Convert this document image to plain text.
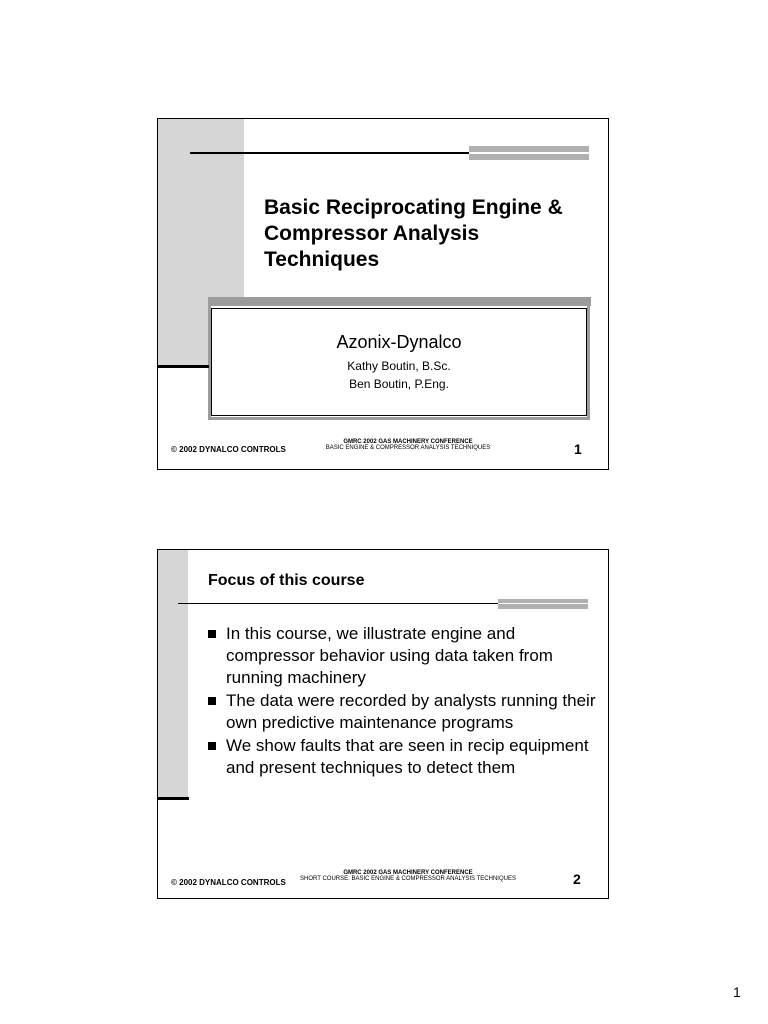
Basic Reciprocating Engine & Compressor Analysis Techniques
Azonix-Dynalco
Kathy Boutin, B.Sc.
Ben Boutin, P.Eng.
© 2002 DYNALCO CONTROLS
GMRC 2002 GAS MACHINERY CONFERENCE
BASIC ENGINE & COMPRESSOR ANALYSIS TECHNIQUES	1
Focus of this course
In this course, we illustrate engine and compressor behavior using data taken from running machinery
The data were recorded by analysts running their own predictive maintenance programs
We show faults that are seen in recip equipment and present techniques to detect them
© 2002 DYNALCO CONTROLS
GMRC 2002 GAS MACHINERY CONFERENCE
SHORT COURSE: BASIC ENGINE & COMPRESSOR ANALYSIS TECHNIQUES	2
1
